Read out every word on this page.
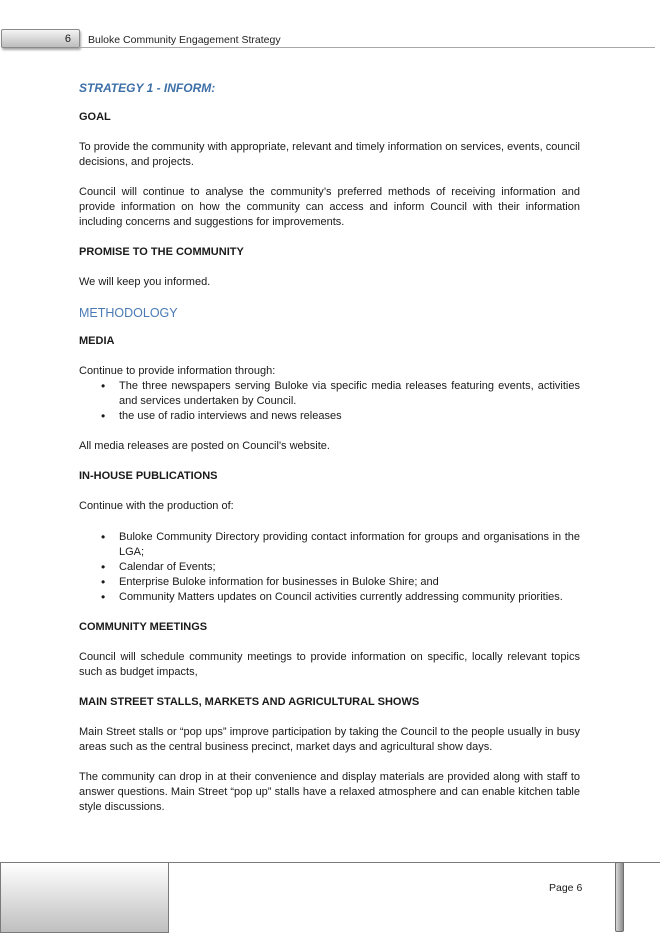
6	Buloke Community Engagement Strategy

STRATEGY 1 - INFORM:

GOAL

To provide the community with appropriate, relevant and timely information on services, events, council decisions, and projects.

Council will continue to analyse the community’s preferred methods of receiving information and provide information on how the community can access and inform Council with their information including concerns and suggestions for improvements.

PROMISE TO THE COMMUNITY

We will keep you informed.

METHODOLOGY

MEDIA

Continue to provide information through:

• The three newspapers serving Buloke via specific media releases featuring events, activities and services undertaken by Council.
• the use of radio interviews and news releases

All media releases are posted on Council's website.

IN-HOUSE PUBLICATIONS

Continue with the production of:

• Buloke Community Directory providing contact information for groups and organisations in the LGA;
• Calendar of Events;
• Enterprise Buloke information for businesses in Buloke Shire; and
• Community Matters updates on Council activities currently addressing community priorities.

COMMUNITY MEETINGS

Council will schedule community meetings to provide information on specific, locally relevant topics such as budget impacts,

MAIN STREET STALLS, MARKETS AND AGRICULTURAL SHOWS

Main Street stalls or “pop ups” improve participation by taking the Council to the people usually in busy areas such as the central business precinct, market days and agricultural show days.

The community can drop in at their convenience and display materials are provided along with staff to answer questions. Main Street “pop up” stalls have a relaxed atmosphere and can enable kitchen table style discussions.

Page 6
